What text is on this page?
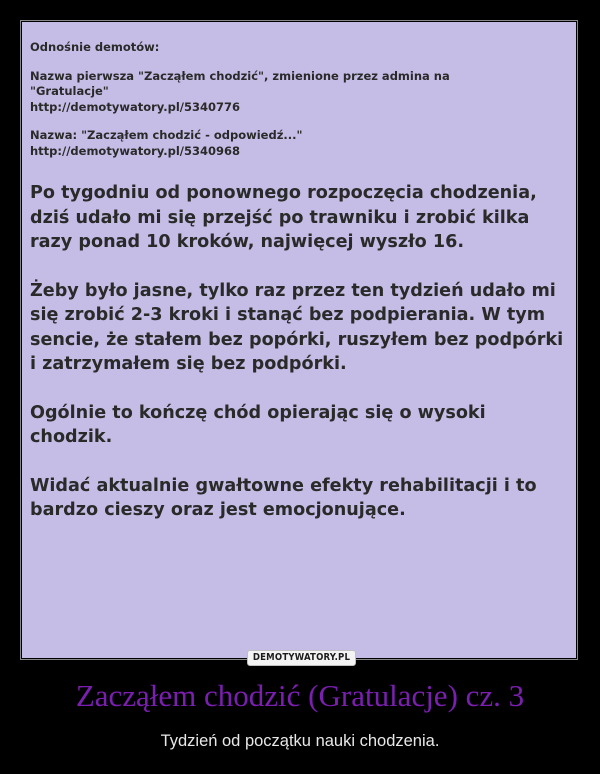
Odnośnie demotów:
Nazwa pierwsza "Zacząłem chodzić", zmienione przez admina na
"Gratulacje"
http://demotywatory.pl/5340776
Nazwa: "Zacząłem chodzić - odpowiedź..."
http://demotywatory.pl/5340968

Po tygodniu od ponownego rozpoczęcia chodzenia, dziś udało mi się przejść po trawniku i zrobić kilka razy ponad 10 kroków, najwięcej wyszło 16.

Żeby było jasne, tylko raz przez ten tydzień udało mi się zrobić 2-3 kroki i stanąć bez podpierania. W tym sencie, że stałem bez popórki, ruszyłem bez podpórki i zatrzymałem się bez podpórki.

Ogólnie to kończę chód opierając się o wysoki chodzik.

Widać aktualnie gwałtowne efekty rehabilitacji i to bardzo cieszy oraz jest emocjonujące.

DEMOTYWATORY.PL
Zacząłem chodzić (Gratulacje) cz. 3
Tydzień od początku nauki chodzenia.
